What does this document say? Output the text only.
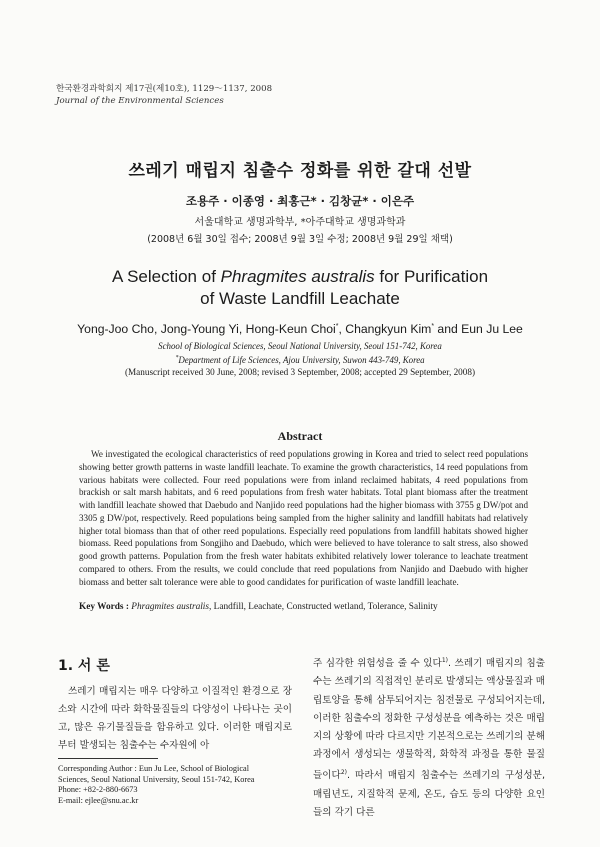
한국환경과학회지 제17권(제10호), 1129～1137, 2008
Journal of the Environmental Sciences
쓰레기 매립지 침출수 정화를 위한 갈대 선발
조용주 · 이종영 · 최홍근* · 김창균* · 이은주
서울대학교 생명과학부, *아주대학교 생명과학과
(2008년 6월 30일 접수; 2008년 9월 3일 수정; 2008년 9월 29일 채택)
A Selection of Phragmites australis for Purification
of Waste Landfill Leachate
Yong-Joo Cho, Jong-Young Yi, Hong-Keun Choi*, Changkyun Kim* and Eun Ju Lee
School of Biological Sciences, Seoul National University, Seoul 151-742, Korea
*Department of Life Sciences, Ajou University, Suwon 443-749, Korea
(Manuscript received 30 June, 2008; revised 3 September, 2008; accepted 29 September, 2008)
Abstract
We investigated the ecological characteristics of reed populations growing in Korea and tried to select reed populations showing better growth patterns in waste landfill leachate. To examine the growth characteristics, 14 reed populations from various habitats were collected. Four reed populations were from inland reclaimed habitats, 4 reed populations from brackish or salt marsh habitats, and 6 reed populations from fresh water habitats. Total plant biomass after the treatment with landfill leachate showed that Daebudo and Nanjido reed populations had the higher biomass with 3755 g DW/pot and 3305 g DW/pot, respectively. Reed populations being sampled from the higher salinity and landfill habitats had relatively higher total biomass than that of other reed populations. Especially reed populations from landfill habitats showed higher biomass. Reed populations from Songjiho and Daebudo, which were believed to have tolerance to salt stress, also showed good growth patterns. Population from the fresh water habitats exhibited relatively lower tolerance to leachate treatment compared to others. From the results, we could conclude that reed populations from Nanjido and Daebudo with higher biomass and better salt tolerance were able to good candidates for purification of waste landfill leachate.
Key Words : Phragmites australis, Landfill, Leachate, Constructed wetland, Tolerance, Salinity
1. 서 론
쓰레기 매립지는 매우 다양하고 이질적인 환경으로 장소와 시간에 따라 화학물질들의 다양성이 나타나는 곳이고, 많은 유기물질들을 함유하고 있다. 이러한 매립지로부터 발생되는 침출수는 수자원에 아
주 심각한 위험성을 줄 수 있다$^{1)}$. 쓰레기 매립지의 침출수는 쓰레기의 직접적인 분리로 발생되는 액상물질과 매립토양을 통해 삼투되어지는 침전물로 구성되어지는데, 이러한 침출수의 정화한 구성성분을 예측하는 것은 매립지의 상황에 따라 다르지만 기본적으로는 쓰레기의 분해과정에서 생성되는 생물학적, 화학적 과정을 통한 물질들이다$^{2)}$. 따라서 매립지 침출수는 쓰레기의 구성성분, 매립년도, 지질학적 문제, 온도, 습도 등의 다양한 요인들의 각기 다른
Corresponding Author : Eun Ju Lee, School of Biological
Sciences, Seoul National University, Seoul 151-742, Korea
Phone: +82-2-880-6673
E-mail: ejlee@snu.ac.kr
